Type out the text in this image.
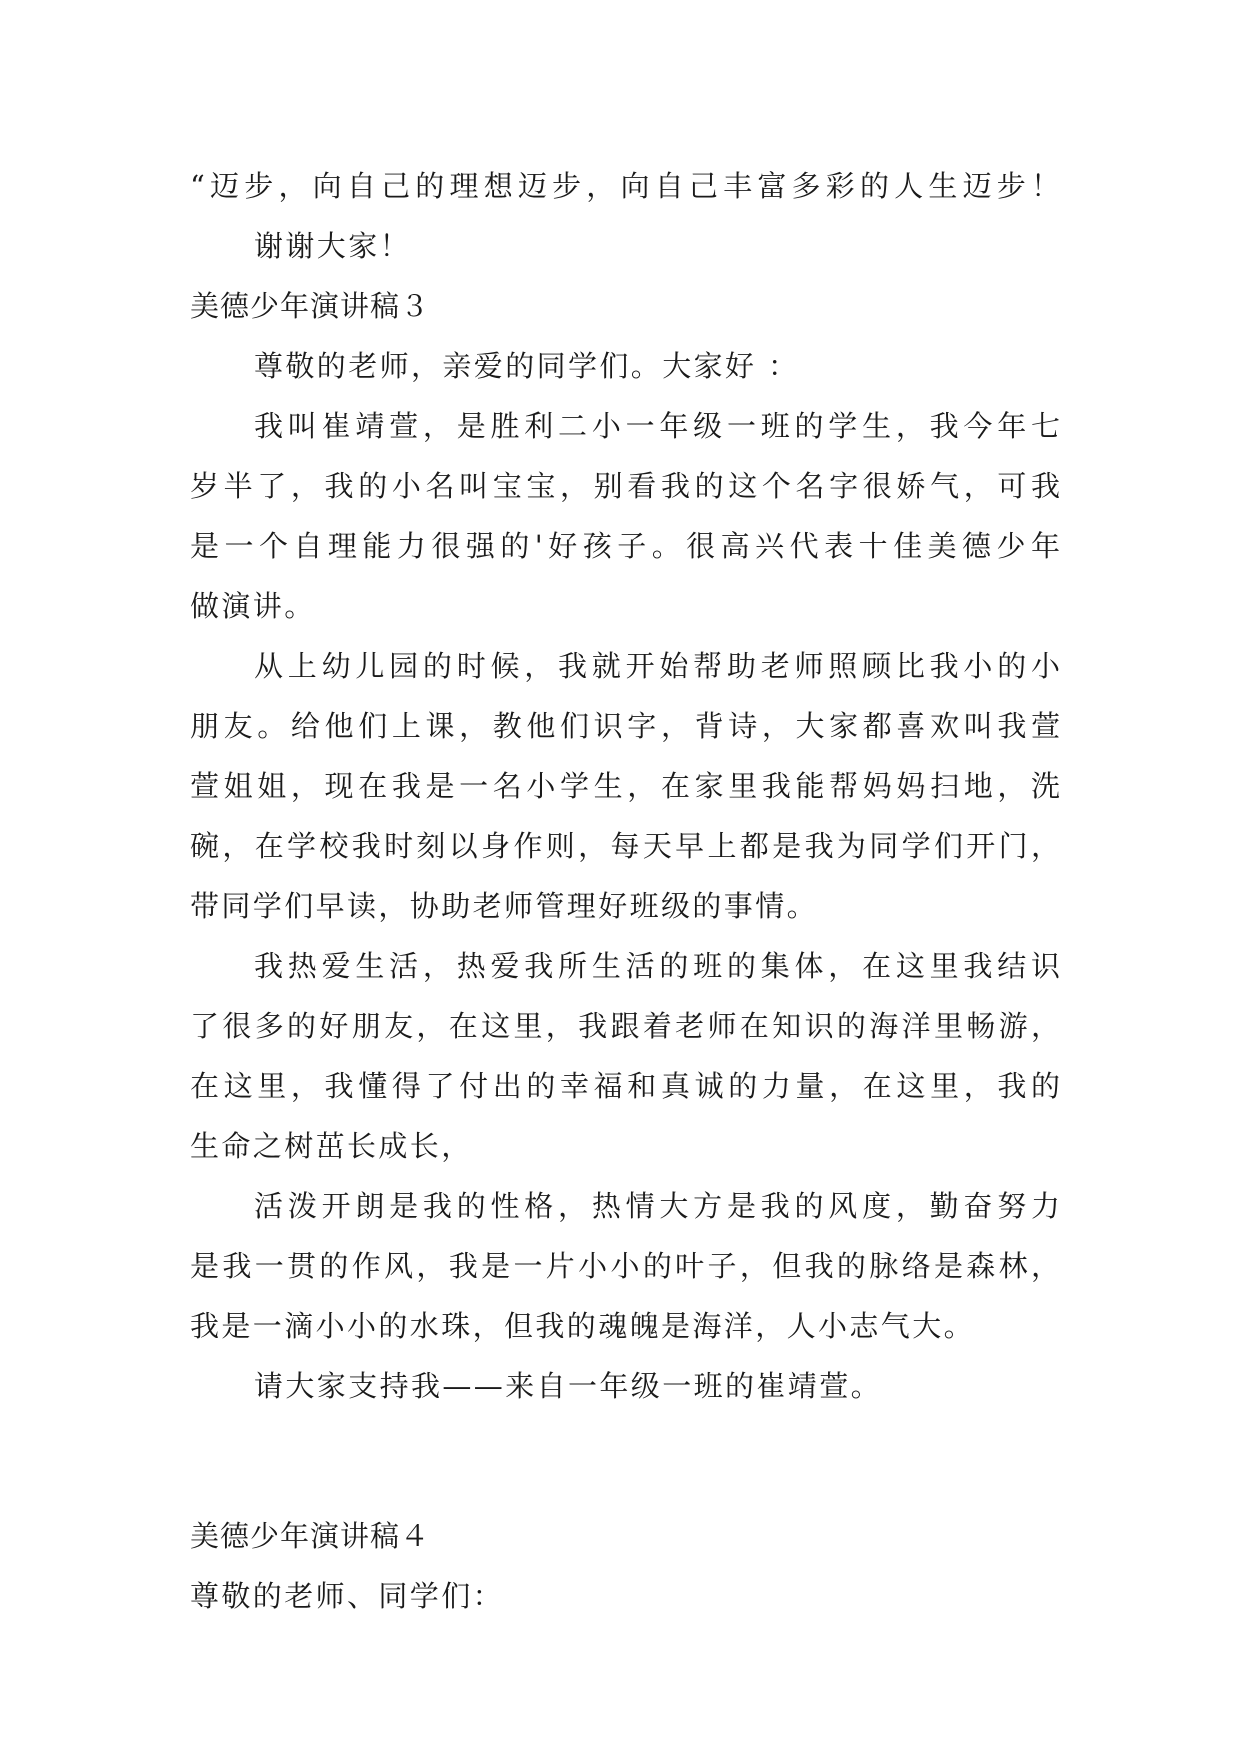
“迈步，向自己的理想迈步，向自己丰富多彩的人生迈步！
谢谢大家！
美德少年演讲稿３
尊敬的老师，亲爱的同学们。大家好 ：
我叫崔靖萱，是胜利二小一年级一班的学生，我今年七
岁半了，我的小名叫宝宝，别看我的这个名字很娇气，可我
是一个自理能力很强的'好孩子。很高兴代表十佳美德少年
做演讲。
从上幼儿园的时候，我就开始帮助老师照顾比我小的小
朋友。给他们上课，教他们识字，背诗，大家都喜欢叫我萱
萱姐姐，现在我是一名小学生，在家里我能帮妈妈扫地，洗
碗，在学校我时刻以身作则，每天早上都是我为同学们开门，
带同学们早读，协助老师管理好班级的事情。
我热爱生活，热爱我所生活的班的集体，在这里我结识
了很多的好朋友，在这里，我跟着老师在知识的海洋里畅游，
在这里，我懂得了付出的幸福和真诚的力量，在这里，我的
生命之树茁长成长，
活泼开朗是我的性格，热情大方是我的风度，勤奋努力
是我一贯的作风，我是一片小小的叶子，但我的脉络是森林，
我是一滴小小的水珠，但我的魂魄是海洋，人小志气大。
请大家支持我——来自一年级一班的崔靖萱。
美德少年演讲稿４
尊敬的老师、同学们：
